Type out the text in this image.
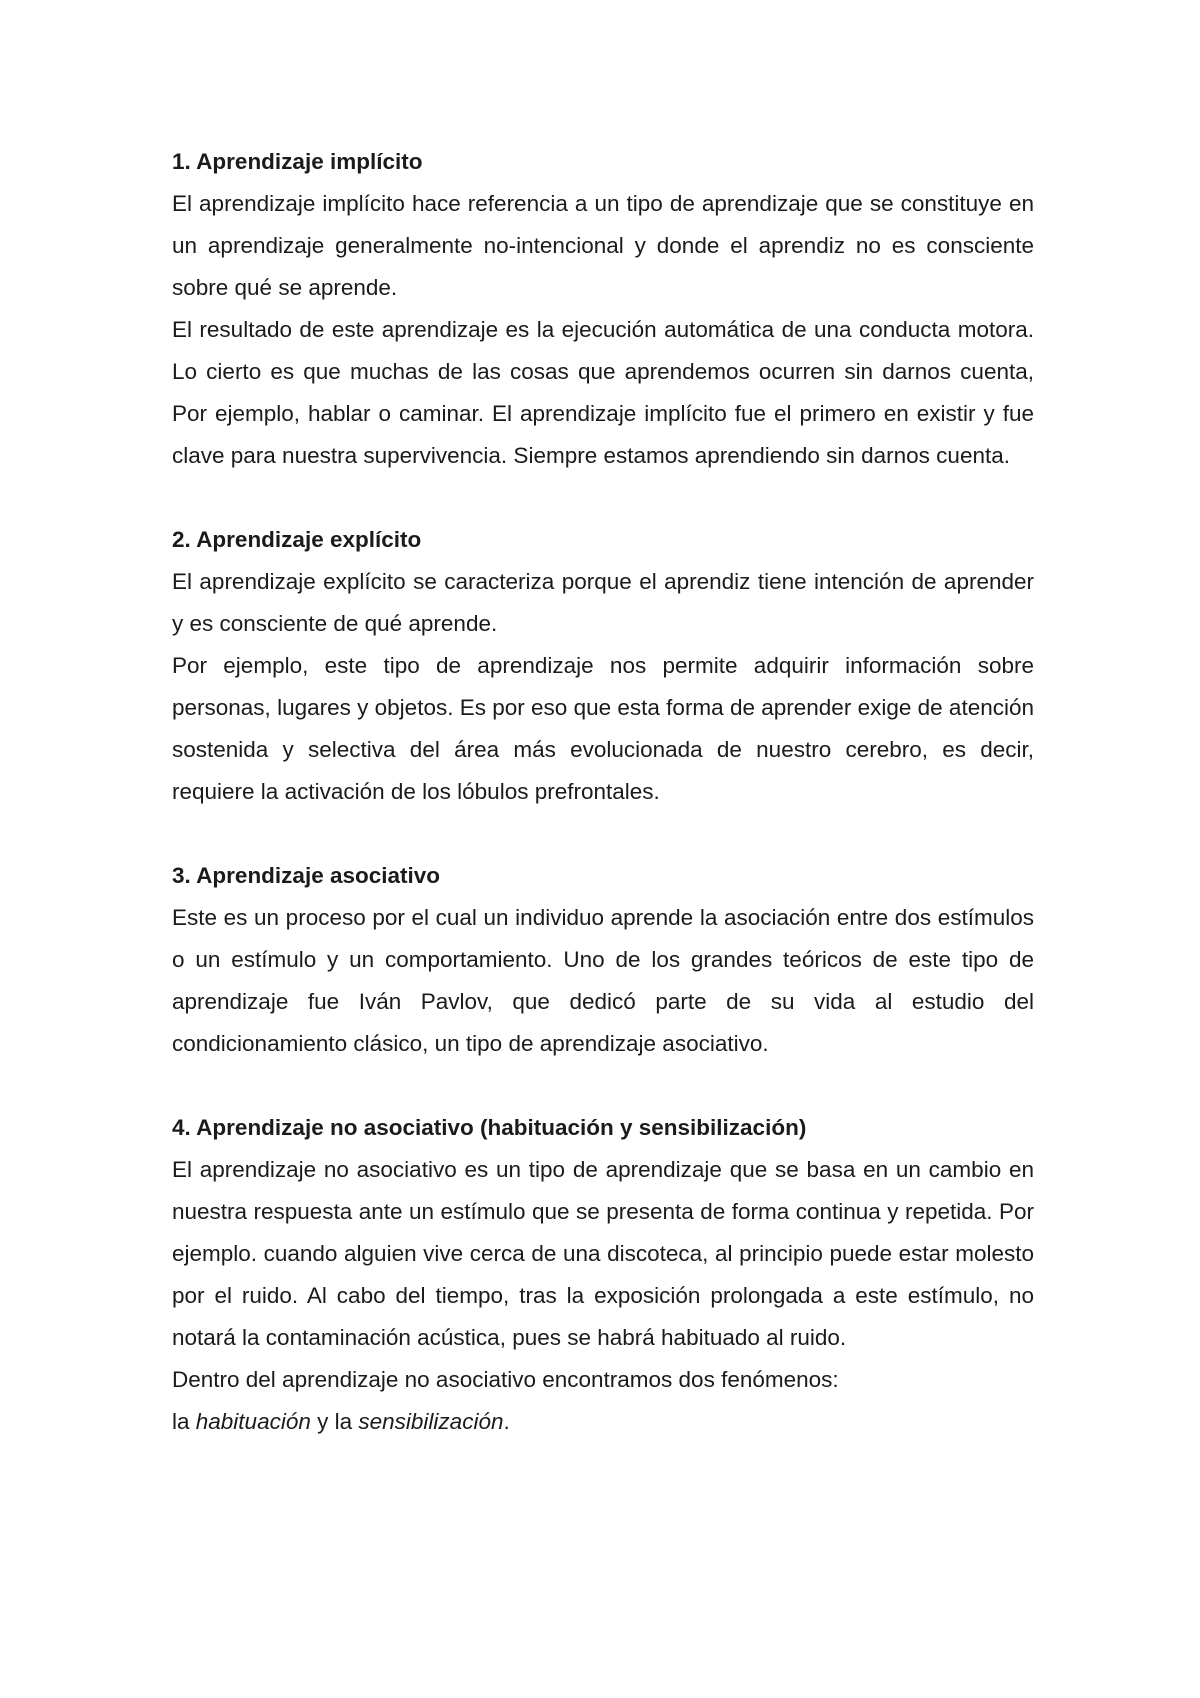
1. Aprendizaje implícito

El aprendizaje implícito hace referencia a un tipo de aprendizaje que se constituye en un aprendizaje generalmente no-intencional y donde el aprendiz no es consciente sobre qué se aprende.

El resultado de este aprendizaje es la ejecución automática de una conducta motora. Lo cierto es que muchas de las cosas que aprendemos ocurren sin darnos cuenta, Por ejemplo, hablar o caminar. El aprendizaje implícito fue el primero en existir y fue clave para nuestra supervivencia. Siempre estamos aprendiendo sin darnos cuenta.

2. Aprendizaje explícito

El aprendizaje explícito se caracteriza porque el aprendiz tiene intención de aprender y es consciente de qué aprende.

Por ejemplo, este tipo de aprendizaje nos permite adquirir información sobre personas, lugares y objetos. Es por eso que esta forma de aprender exige de atención sostenida y selectiva del área más evolucionada de nuestro cerebro, es decir, requiere la activación de los lóbulos prefrontales.

3. Aprendizaje asociativo

Este es un proceso por el cual un individuo aprende la asociación entre dos estímulos o un estímulo y un comportamiento. Uno de los grandes teóricos de este tipo de aprendizaje fue Iván Pavlov, que dedicó parte de su vida al estudio del condicionamiento clásico, un tipo de aprendizaje asociativo.

4. Aprendizaje no asociativo (habituación y sensibilización)

El aprendizaje no asociativo es un tipo de aprendizaje que se basa en un cambio en nuestra respuesta ante un estímulo que se presenta de forma continua y repetida. Por ejemplo. cuando alguien vive cerca de una discoteca, al principio puede estar molesto por el ruido. Al cabo del tiempo, tras la exposición prolongada a este estímulo, no notará la contaminación acústica, pues se habrá habituado al ruido.

Dentro del aprendizaje no asociativo encontramos dos fenómenos:

la habituación y la sensibilización.
